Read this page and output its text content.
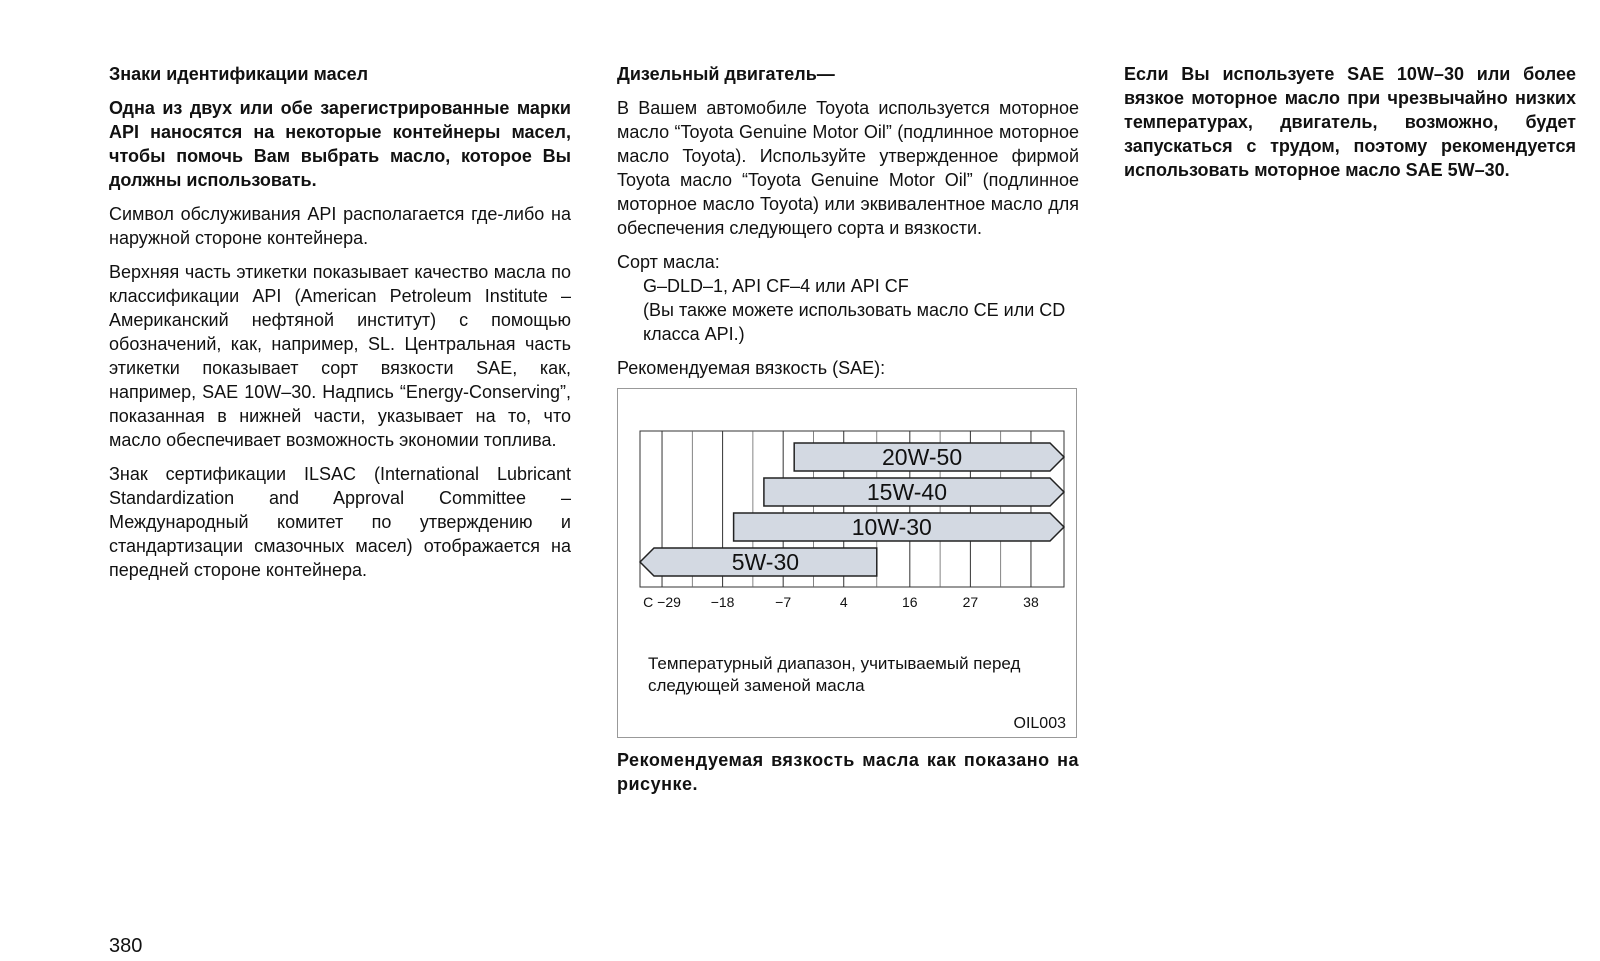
Знаки идентификации масел

Одна из двух или обе зарегистрированные марки API наносятся на некоторые контейнеры масел, чтобы помочь Вам выбрать масло, которое Вы должны использовать.

Символ обслуживания API располагается где-либо на наружной стороне контейнера.

Верхняя часть этикетки показывает качество масла по классификации API (American Petroleum Institute – Американский нефтяной институт) с помощью обозначений, как, например, SL. Центральная часть этикетки показывает сорт вязкости SAE, как, например, SAE 10W–30. Надпись “Energy-Conserving”, показанная в нижней части, указывает на то, что масло обеспечивает возможность экономии топлива.

Знак сертификации ILSAC (International Lubricant Standardization and Approval Committee – Международный комитет по утверждению и стандартизации смазочных масел) отображается на передней стороне контейнера.

Дизельный двигатель—

В Вашем автомобиле Toyota используется моторное масло “Toyota Genuine Motor Oil” (подлинное моторное масло Toyota). Используйте утвержденное фирмой Toyota масло “Toyota Genuine Motor Oil” (подлинное моторное масло Toyota) или эквивалентное масло для обеспечения следующего сорта и вязкости.

Сорт масла:

G–DLD–1, API CF–4 или API CF

(Вы также можете использовать масло CE или CD класса API.)

Рекомендуемая вязкость (SAE):

C −29 −18	−7	4	16	27	38
20W-50
15W-40
10W-30
5W-30
Температурный диапазон, учитываемый перед следующей заменой масла
OIL003

Рекомендуемая вязкость масла как показано на рисунке.

Если Вы используете SAE 10W–30 или более вязкое моторное масло при чрезвычайно низких температурах, двигатель, возможно, будет запускаться с трудом, поэтому рекомендуется использовать моторное масло SAE 5W–30.

380
